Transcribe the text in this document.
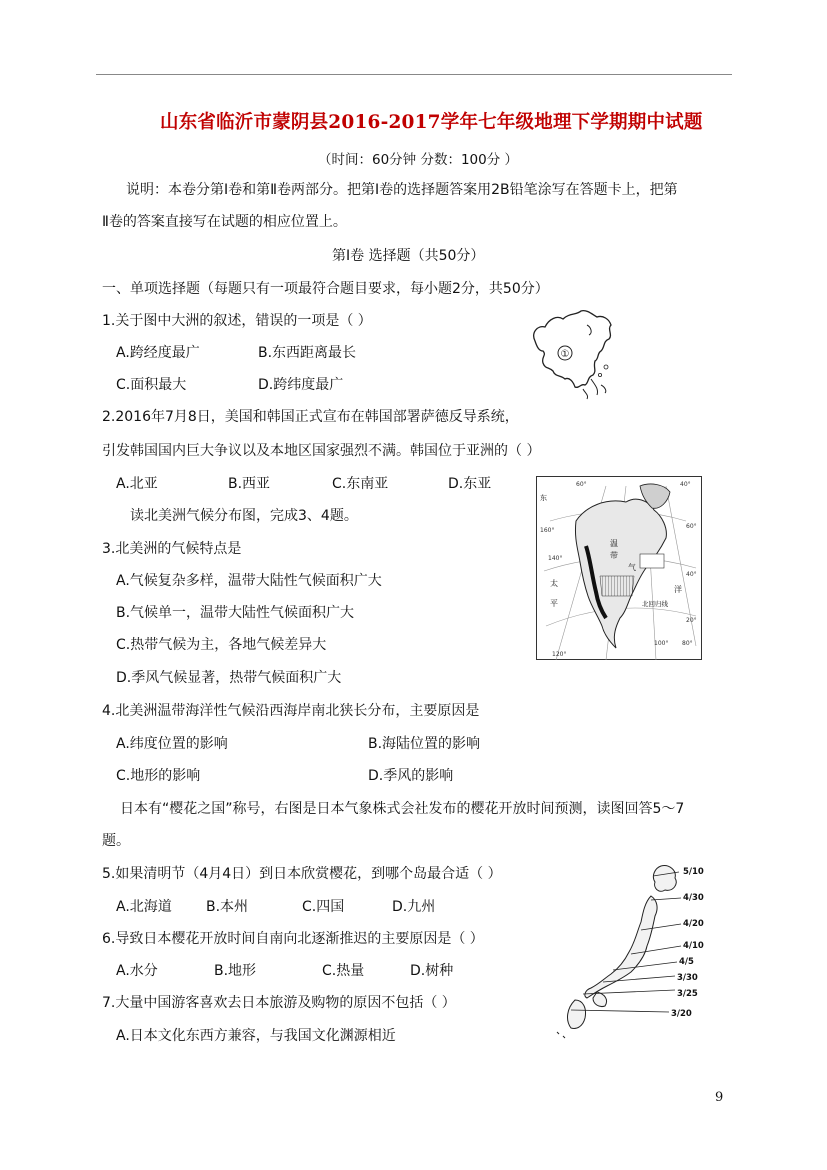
山东省临沂市蒙阴县2016-2017学年七年级地理下学期期中试题
（时间：60分钟 分数：100分 ）
说明：本卷分第Ⅰ卷和第Ⅱ卷两部分。把第Ⅰ卷的选择题答案用2B铅笔涂写在答题卡上，把第
Ⅱ卷的答案直接写在试题的相应位置上。
第Ⅰ卷 选择题（共50分）
一、单项选择题（每题只有一项最符合题目要求，每小题2分，共50分）
1.关于图中大洲的叙述，错误的一项是（ ）
A.跨经度最广	B.东西距离最长
C.面积最大	D.跨纬度最广
2.2016年7月8日，美国和韩国正式宣布在韩国部署萨德反导系统，
引发韩国国内巨大争议以及本地区国家强烈不满。韩国位于亚洲的（ ）
A.北亚	B.西亚	C.东南亚	D.东亚
读北美洲气候分布图，完成3、4题。
3.北美洲的气候特点是
A.气候复杂多样，温带大陆性气候面积广大
B.气候单一，温带大陆性气候面积广大
C.热带气候为主，各地气候差异大
D.季风气候显著，热带气候面积广大
4.北美洲温带海洋性气候沿西海岸南北狭长分布，主要原因是
A.纬度位置的影响	B.海陆位置的影响
C.地形的影响	D.季风的影响
日本有“樱花之国”称号，右图是日本气象株式会社发布的樱花开放时间预测，读图回答5～7
题。
5.如果清明节（4月4日）到日本欣赏樱花，到哪个岛最合适（ ）
A.北海道 B.本州	C.四国	D.九州
6.导致日本樱花开放时间自南向北逐渐推迟的主要原因是（ ）
A.水分	B.地形	C.热量	D.树种
7.大量中国游客喜欢去日本旅游及购物的原因不包括（ ）
A.日本文化东西方兼容，与我国文化渊源相近
①
100° 80°
120°
140°
160°
60°	40°
60°
40°
20°
北回归线
东
温
带
太
平
气
洋
5/10
4/30
4/20
4/10
4/5
3/30
3/25
3/20
9
